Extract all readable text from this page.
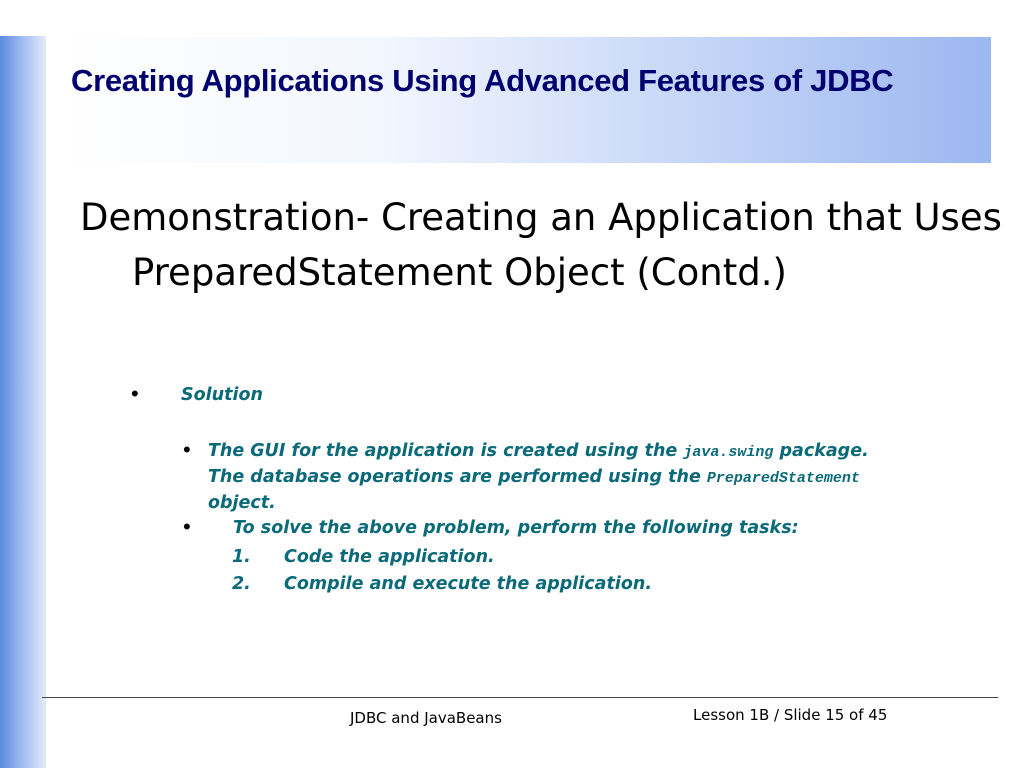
Creating Applications Using Advanced Features of JDBC
Demonstration- Creating an Application that Uses PreparedStatement Object (Contd.)
•	Solution
• The GUI for the application is created using the java.swing package. The database operations are performed using the PreparedStatement object.
•	To solve the above problem, perform the following tasks:
1.	Code the application.
2.	Compile and execute the application.
JDBC and JavaBeans	Lesson 1B / Slide 15 of 45
